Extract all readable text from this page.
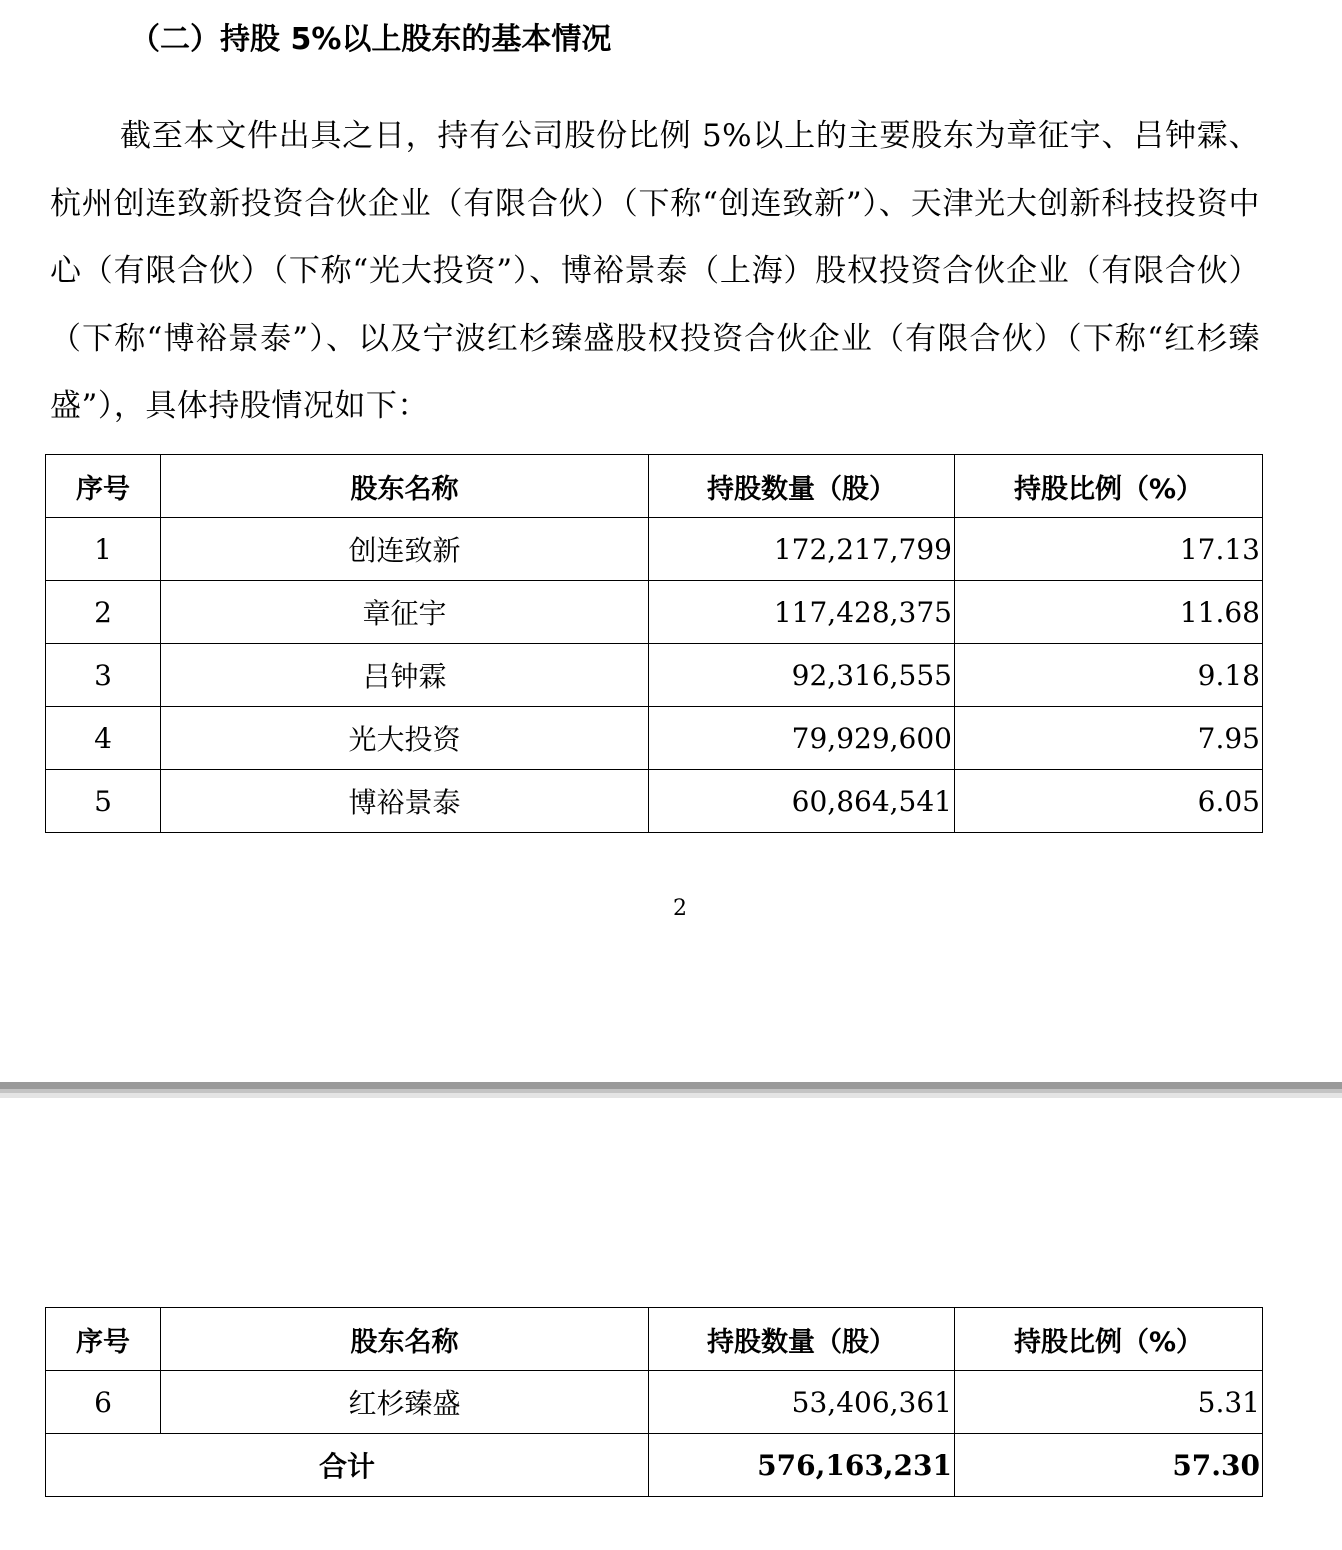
（二）持股 5%以上股东的基本情况
截至本文件出具之日，持有公司股份比例 5%以上的主要股东为章征宇、吕钟霖、杭州创连致新投资合伙企业（有限合伙）（下称“创连致新”）、天津光大创新科技投资中心（有限合伙）（下称“光大投资”）、博裕景泰（上海）股权投资合伙企业（有限合伙）（下称“博裕景泰”）、以及宁波红杉臻盛股权投资合伙企业（有限合伙）（下称“红杉臻盛”），具体持股情况如下：
序号	股东名称	持股数量（股）	持股比例（%）
1	创连致新	172,217,799	17.13
2	章征宇	117,428,375	11.68
3	吕钟霖	92,316,555	9.18
4	光大投资	79,929,600	7.95
5	博裕景泰	60,864,541	6.05
2
序号	股东名称	持股数量（股）	持股比例（%）
6	红杉臻盛	53,406,361	5.31
合计		576,163,231	57.30
